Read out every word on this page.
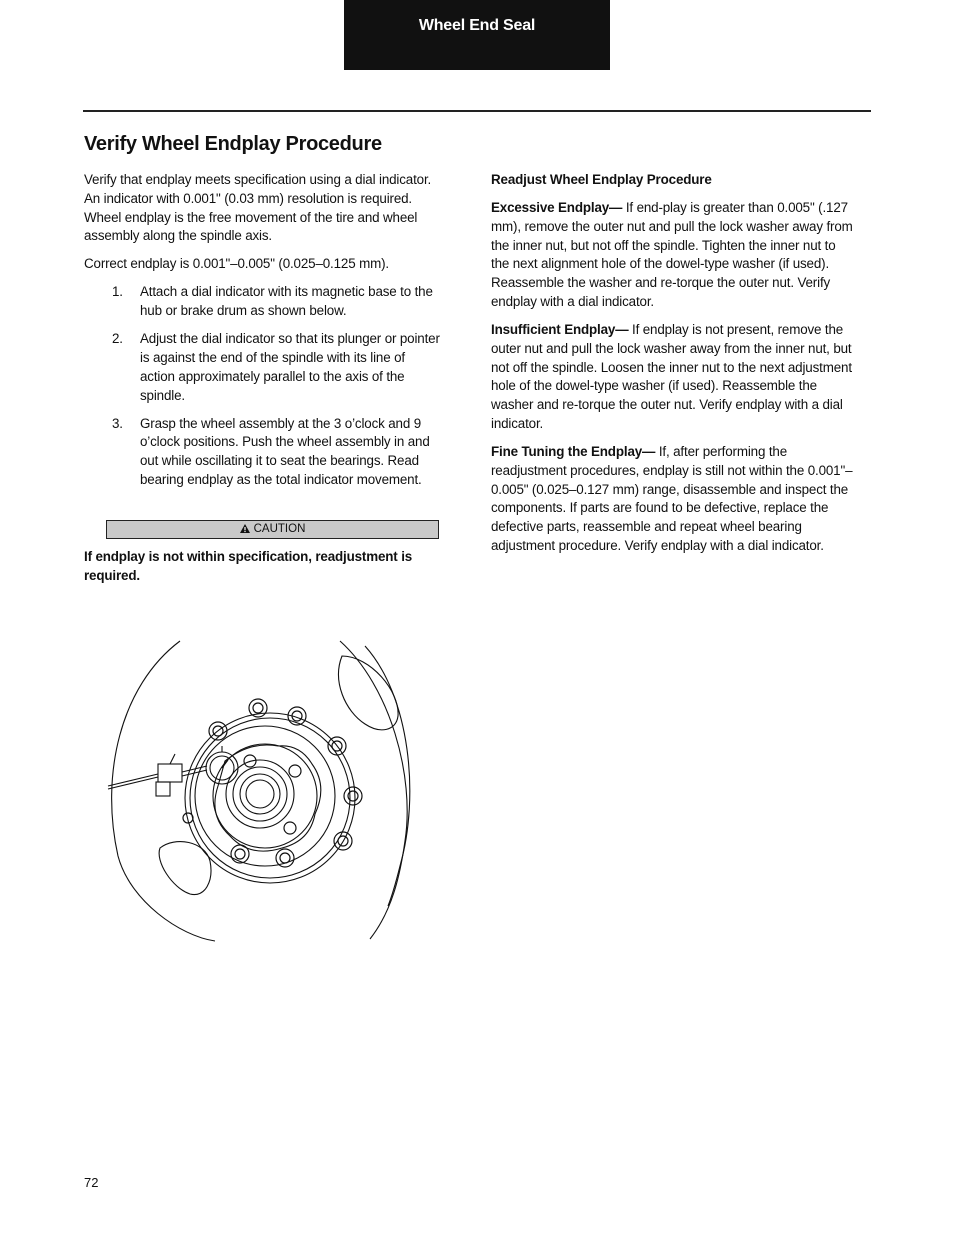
Wheel End Seal
Verify Wheel Endplay Procedure

Verify that endplay meets specification using a dial indicator. An indicator with 0.001" (0.03 mm) resolution is required. Wheel endplay is the free movement of the tire and wheel assembly along the spindle axis.

Correct endplay is 0.001"–0.005" (0.025–0.125 mm).

1. Attach a dial indicator with its magnetic base to the hub or brake drum as shown below.
2. Adjust the dial indicator so that its plunger or pointer is against the end of the spindle with its line of action approximately parallel to the axis of the spindle.
3. Grasp the wheel assembly at the 3 o’clock and 9 o’clock positions. Push the wheel assembly in and out while oscillating it to seat the bearings. Read bearing endplay as the total indicator movement.
CAUTION

If endplay is not within specification, readjustment is required.

Readjust Wheel Endplay Procedure

Excessive Endplay— If end-play is greater than 0.005" (.127 mm), remove the outer nut and pull the lock washer away from the inner nut, but not off the spindle. Tighten the inner nut to the next alignment hole of the dowel-type washer (if used). Reassemble the washer and re-torque the outer nut. Verify endplay with a dial indicator.

Insufficient Endplay— If endplay is not present, remove the outer nut and pull the lock washer away from the inner nut, but not off the spindle. Loosen the inner nut to the next adjustment hole of the dowel-type washer (if used). Reassemble the washer and re-torque the outer nut. Verify endplay with a dial indicator.

Fine Tuning the Endplay— If, after performing the readjustment procedures, endplay is still not within the 0.001"–0.005" (0.025–0.127 mm) range, disassemble and inspect the components. If parts are found to be defective, replace the defective parts, reassemble and repeat wheel bearing adjustment procedure. Verify endplay with a dial indicator.

72
